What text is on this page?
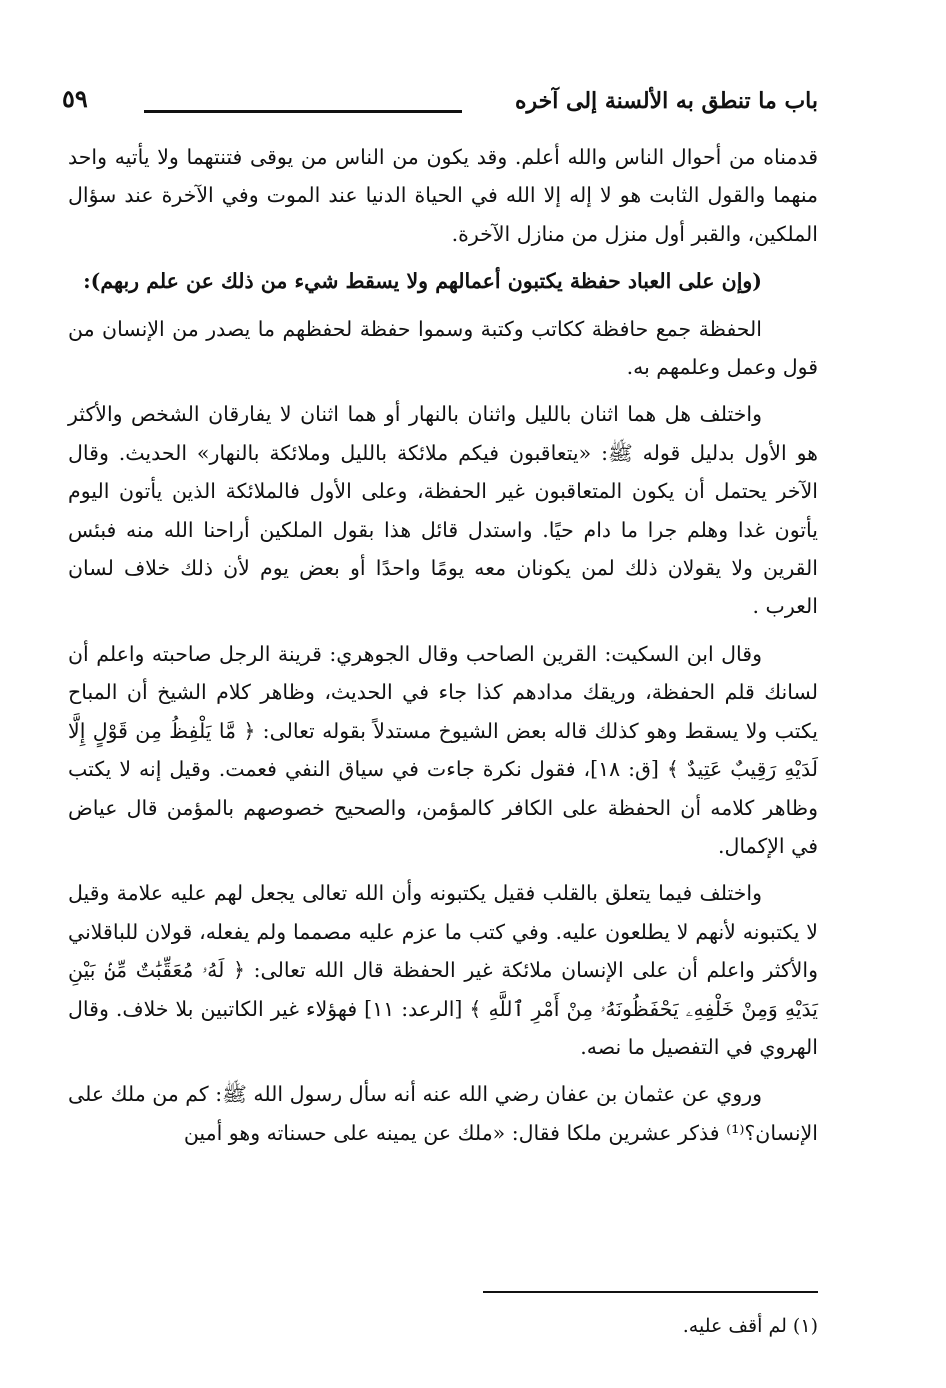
باب ما تنطق به الألسنة إلى آخره
٥٩

قدمناه من أحوال الناس والله أعلم. وقد يكون من الناس من يوقى فتنتهما ولا يأتيه واحد منهما والقول الثابت هو لا إله إلا الله في الحياة الدنيا عند الموت وفي الآخرة عند سؤال الملكين، والقبر أول منزل من منازل الآخرة.

(وإن على العباد حفظة يكتبون أعمالهم ولا يسقط شيء من ذلك عن علم ربهم):

الحفظة جمع حافظة ككاتب وكتبة وسموا حفظة لحفظهم ما يصدر من الإنسان من قول وعمل وعلمهم به.

واختلف هل هما اثنان بالليل واثنان بالنهار أو هما اثنان لا يفارقان الشخص والأكثر هو الأول بدليل قوله ﷺ: «يتعاقبون فيكم ملائكة بالليل وملائكة بالنهار» الحديث. وقال الآخر يحتمل أن يكون المتعاقبون غير الحفظة، وعلى الأول فالملائكة الذين يأتون اليوم يأتون غدا وهلم جرا ما دام حيًا. واستدل قائل هذا بقول الملكين أراحنا الله منه فبئس القرين ولا يقولان ذلك لمن يكونان معه يومًا واحدًا أو بعض يوم لأن ذلك خلاف لسان العرب .

وقال ابن السكيت: القرين الصاحب وقال الجوهري: قرينة الرجل صاحبته واعلم أن لسانك قلم الحفظة، وريقك مدادهم كذا جاء في الحديث، وظاهر كلام الشيخ أن المباح يكتب ولا يسقط وهو كذلك قاله بعض الشيوخ مستدلاً بقوله تعالى: ﴿ مَّا يَلْفِظُ مِن قَوْلٍ إِلَّا لَدَيْهِ رَقِيبٌ عَتِيدٌ ﴾ [ق: ١٨]، فقول نكرة جاءت في سياق النفي فعمت. وقيل إنه لا يكتب وظاهر كلامه أن الحفظة على الكافر كالمؤمن، والصحيح خصوصهم بالمؤمن قال عياض في الإكمال.

واختلف فيما يتعلق بالقلب فقيل يكتبونه وأن الله تعالى يجعل لهم عليه علامة وقيل لا يكتبونه لأنهم لا يطلعون عليه. وفي كتب ما عزم عليه مصمما ولم يفعله، قولان للباقلاني والأكثر واعلم أن على الإنسان ملائكة غير الحفظة قال الله تعالى: ﴿ لَهُۥ مُعَقِّبَٰتٌ مِّنۢ بَيْنِ يَدَيْهِ وَمِنْ خَلْفِهِۦ يَحْفَظُونَهُۥ مِنْ أَمْرِ ٱللَّهِ ﴾ [الرعد: ١١] فهؤلاء غير الكاتبين بلا خلاف. وقال الهروي في التفصيل ما نصه.

وروي عن عثمان بن عفان رضي الله عنه أنه سأل رسول الله ﷺ: كم من ملك على الإنسان؟⁽¹⁾ فذكر عشرين ملكا فقال: «ملك عن يمينه على حسناته وهو أمين

(١) لم أقف عليه.
